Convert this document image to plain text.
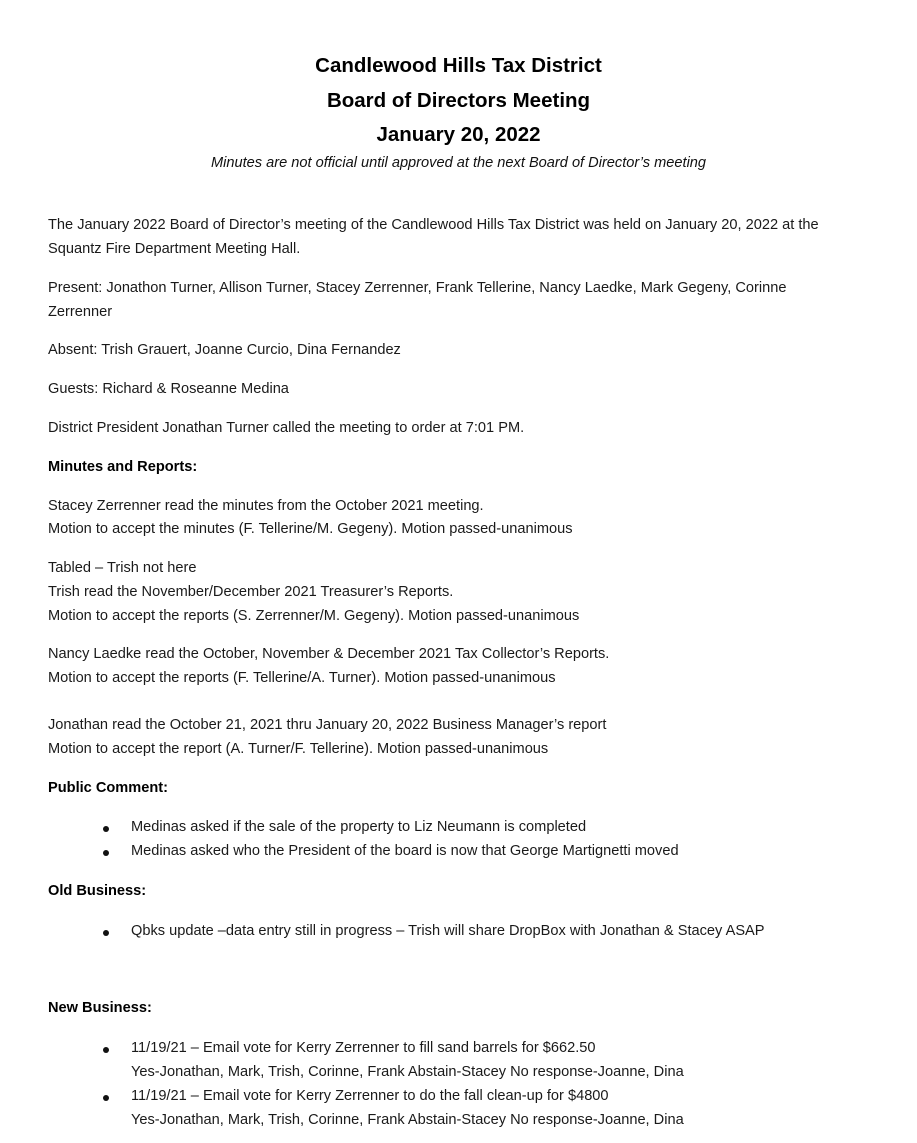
Candlewood Hills Tax District
Board of Directors Meeting
January 20, 2022
Minutes are not official until approved at the next Board of Director’s meeting
The January 2022 Board of Director’s meeting of the Candlewood Hills Tax District was held on January 20, 2022 at the
Squantz Fire Department Meeting Hall.
Present: Jonathon Turner, Allison Turner, Stacey Zerrenner, Frank Tellerine, Nancy Laedke, Mark Gegeny, Corinne
Zerrenner
Absent: Trish Grauert, Joanne Curcio, Dina Fernandez
Guests: Richard & Roseanne Medina
District President Jonathan Turner called the meeting to order at 7:01 PM.
Minutes and Reports:
Stacey Zerrenner read the minutes from the October 2021 meeting.
Motion to accept the minutes (F. Tellerine/M. Gegeny). Motion passed-unanimous
Tabled – Trish not here
Trish read the November/December 2021 Treasurer’s Reports.
Motion to accept the reports (S. Zerrenner/M. Gegeny). Motion passed-unanimous
Nancy Laedke read the October, November & December 2021 Tax Collector’s Reports.
Motion to accept the reports (F. Tellerine/A. Turner). Motion passed-unanimous
Jonathan read the October 21, 2021 thru January 20, 2022 Business Manager’s report
Motion to accept the report (A. Turner/F. Tellerine). Motion passed-unanimous
Public Comment:
Medinas asked if the sale of the property to Liz Neumann is completed
Medinas asked who the President of the board is now that George Martignetti moved
Old Business:
Qbks update –data entry still in progress – Trish will share DropBox with Jonathan & Stacey ASAP
New Business:
11/19/21 – Email vote for Kerry Zerrenner to fill sand barrels for $662.50
Yes-Jonathan, Mark, Trish, Corinne, Frank Abstain-Stacey No response-Joanne, Dina
11/19/21 – Email vote for Kerry Zerrenner to do the fall clean-up for $4800
Yes-Jonathan, Mark, Trish, Corinne, Frank Abstain-Stacey No response-Joanne, Dina
